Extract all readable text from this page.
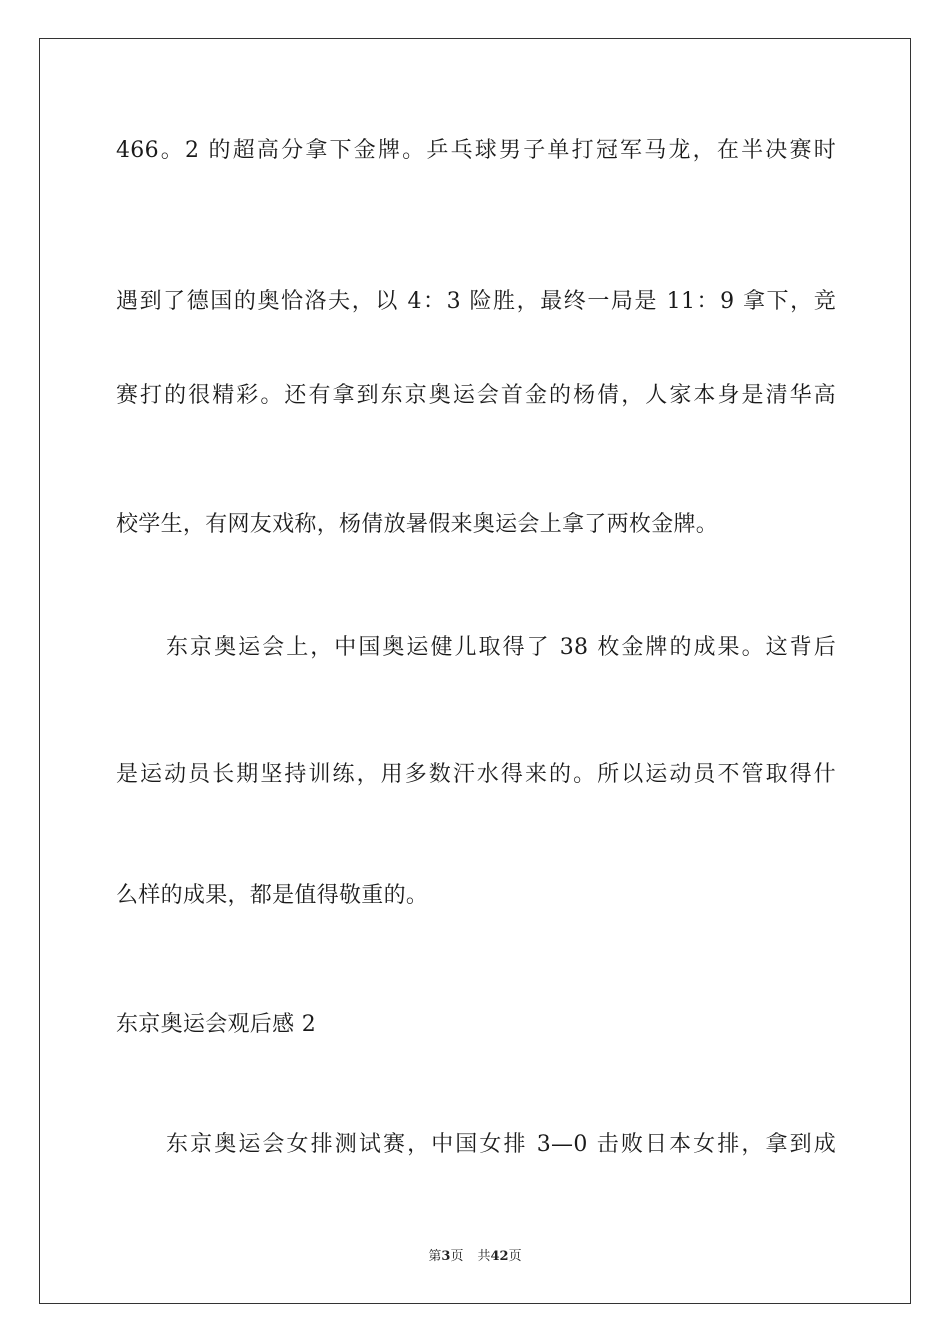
466。2 的超高分拿下金牌。乒乓球男子单打冠军马龙，在半决赛时
遇到了德国的奥恰洛夫，以 4：3 险胜，最终一局是 11：9 拿下，竞
赛打的很精彩。还有拿到东京奥运会首金的杨倩，人家本身是清华高
校学生，有网友戏称，杨倩放暑假来奥运会上拿了两枚金牌。
东京奥运会上，中国奥运健儿取得了 38 枚金牌的成果。这背后
是运动员长期坚持训练，用多数汗水得来的。所以运动员不管取得什
么样的成果，都是值得敬重的。
东京奥运会观后感 2
东京奥运会女排测试赛，中国女排 3—0 击败日本女排，拿到成
第3页 共42页
